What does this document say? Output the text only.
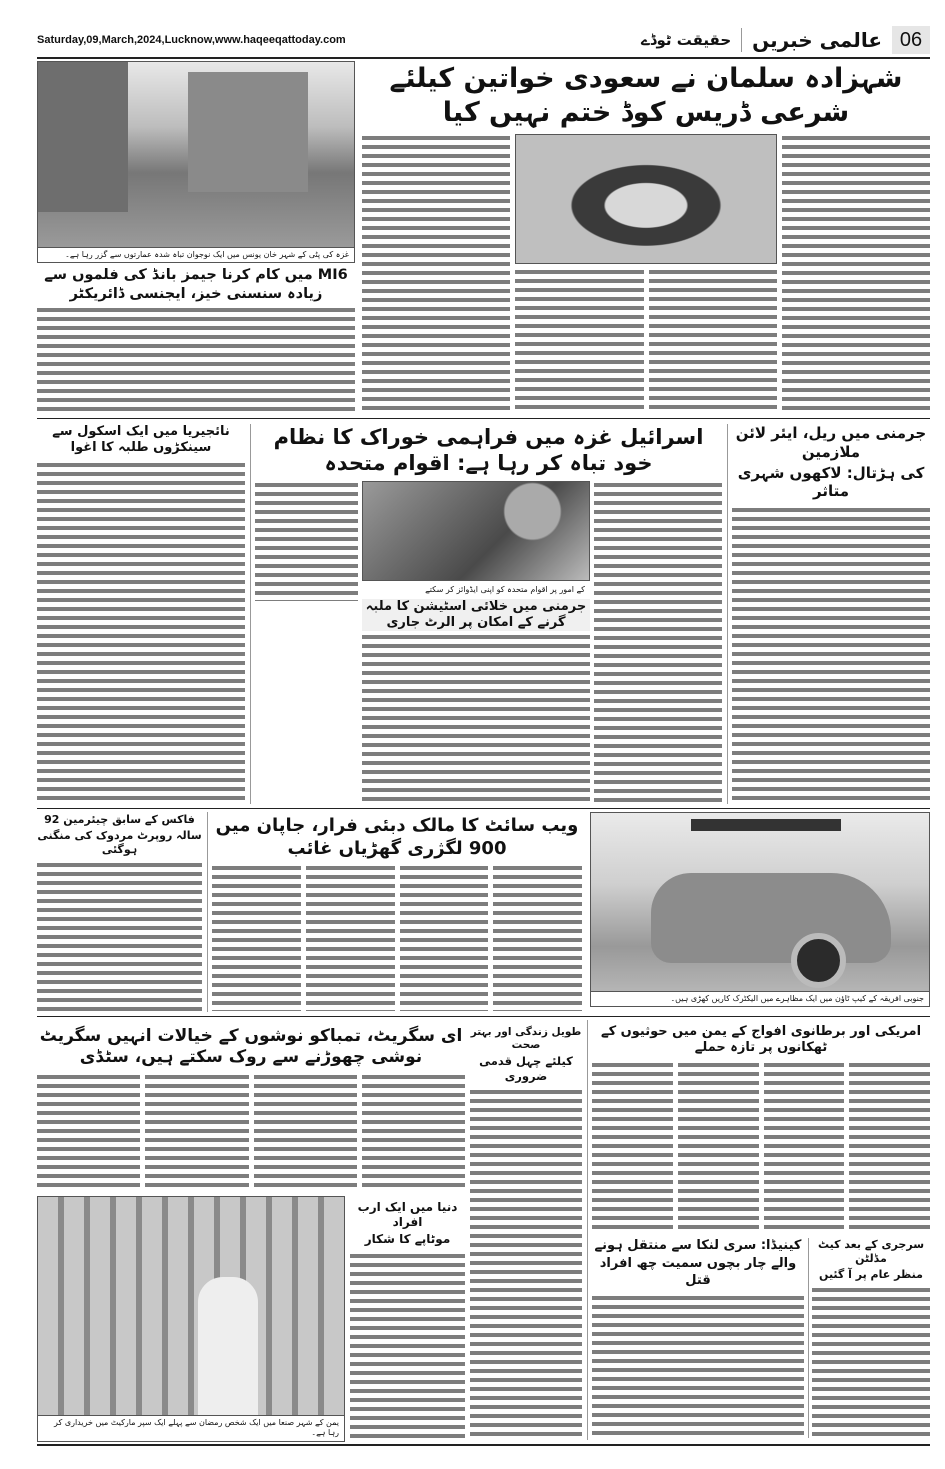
Saturday,09,March,2024,Lucknow,www.haqeeqattoday.com	06
عالمی خبریں
حقیقت ٹوڈے
غزہ کی پٹی کے شہر خان یونس میں ایک نوجوان تباہ شدہ عمارتوں سے گزر رہا ہے۔
MI6 میں کام کرنا جیمز بانڈ کی فلموں سے زیادہ سنسنی خیز، ایجنسی ڈائریکٹر
شہزادہ سلمان نے سعودی خواتین کیلئے شرعی ڈریس کوڈ ختم نہیں کیا
نائجیریا میں ایک اسکول سے سینکڑوں طلبہ کا اغوا	اسرائیل غزہ میں فراہمی خوراک کا نظام خود تباہ کر رہا ہے: اقوام متحدہ
کے امور پر اقوام متحدہ کو اپنی ایڈوائز کر سکتے
جرمنی میں خلائی اسٹیشن کا ملبہ گرنے کے امکان پر الرٹ جاری
جرمنی میں ریل، ایئر لائن ملازمین
کی ہڑتال: لاکھوں شہری متاثر
فاکس کے سابق چیئرمین 92
سالہ روپرٹ مردوک کی منگنی ہوگئی
ویب سائٹ کا مالک دبئی فرار، جاپان میں 900 لگژری گھڑیاں غائب
جنوبی افریقہ کے کیپ ٹاؤن میں ایک مظاہرے میں الیکٹرک کاریں کھڑی ہیں۔
ای سگریٹ، تمباکو نوشوں کے خیالات انہیں سگریٹ نوشی چھوڑنے سے روک سکتے ہیں، سٹڈی
یمن کے شہر صنعا میں ایک شخص رمضان سے پہلے ایک سپر مارکیٹ میں خریداری کر رہا ہے۔
دنیا میں ایک ارب افراد
موٹاپے کا شکار
طویل زندگی اور بہتر صحت
کیلئے چہل قدمی ضروری
امریکی اور برطانوی افواج کے یمن میں حوثیوں کے ٹھکانوں پر تازہ حملے
کینیڈا: سری لنکا سے منتقل ہونے
والے چار بچوں سمیت چھ افراد قتل
سرجری کے بعد کیٹ مڈلٹن
منظر عام پر آ گئیں
